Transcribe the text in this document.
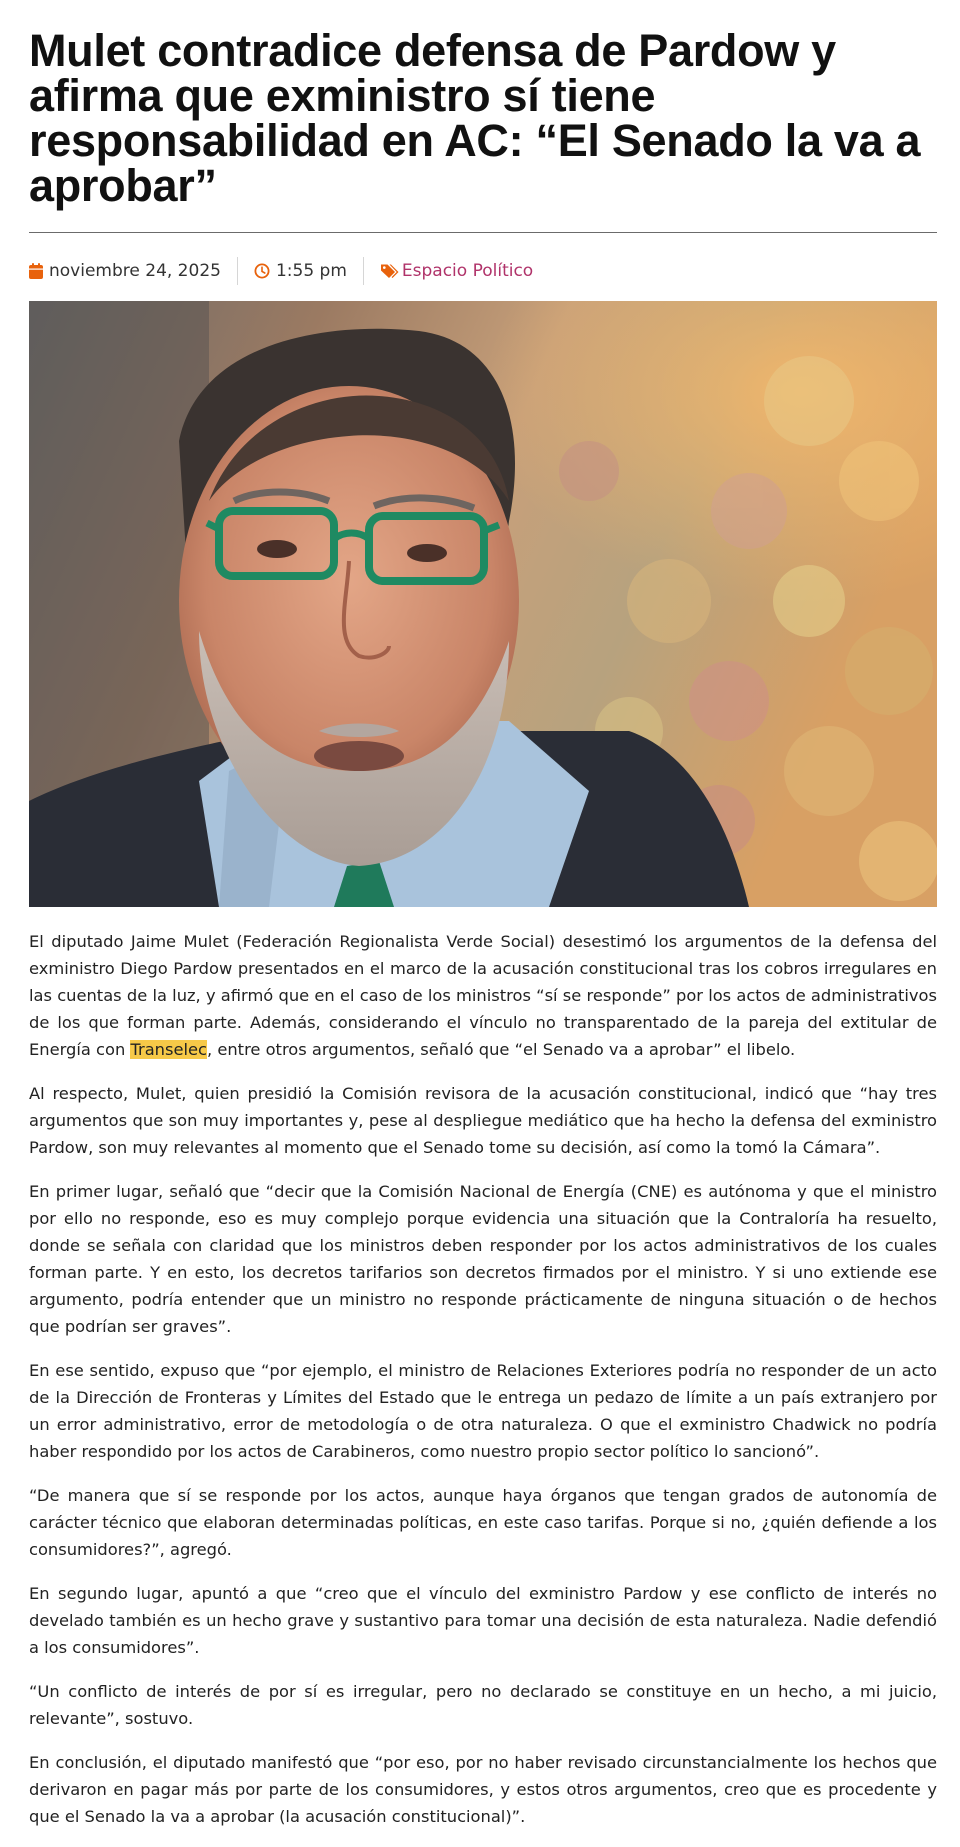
Mulet contradice defensa de Pardow y afirma que exministro sí tiene responsabilidad en AC: “El Senado la va a aprobar”
noviembre 24, 2025	1:55 pm	Espacio Político

El diputado Jaime Mulet (Federación Regionalista Verde Social) desestimó los argumentos de la defensa del exministro Diego Pardow presentados en el marco de la acusación constitucional tras los cobros irregulares en las cuentas de la luz, y afirmó que en el caso de los ministros “sí se responde” por los actos de administrativos de los que forman parte. Además, considerando el vínculo no transparentado de la pareja del extitular de Energía con Transelec, entre otros argumentos, señaló que “el Senado va a aprobar” el libelo.

Al respecto, Mulet, quien presidió la Comisión revisora de la acusación constitucional, indicó que “hay tres argumentos que son muy importantes y, pese al despliegue mediático que ha hecho la defensa del exministro Pardow, son muy relevantes al momento que el Senado tome su decisión, así como la tomó la Cámara”.

En primer lugar, señaló que “decir que la Comisión Nacional de Energía (CNE) es autónoma y que el ministro por ello no responde, eso es muy complejo porque evidencia una situación que la Contraloría ha resuelto, donde se señala con claridad que los ministros deben responder por los actos administrativos de los cuales forman parte. Y en esto, los decretos tarifarios son decretos firmados por el ministro. Y si uno extiende ese argumento, podría entender que un ministro no responde prácticamente de ninguna situación o de hechos que podrían ser graves”.

En ese sentido, expuso que “por ejemplo, el ministro de Relaciones Exteriores podría no responder de un acto de la Dirección de Fronteras y Límites del Estado que le entrega un pedazo de límite a un país extranjero por un error administrativo, error de metodología o de otra naturaleza. O que el exministro Chadwick no podría haber respondido por los actos de Carabineros, como nuestro propio sector político lo sancionó”.

“De manera que sí se responde por los actos, aunque haya órganos que tengan grados de autonomía de carácter técnico que elaboran determinadas políticas, en este caso tarifas. Porque si no, ¿quién defiende a los consumidores?”, agregó.

En segundo lugar, apuntó a que “creo que el vínculo del exministro Pardow y ese conflicto de interés no develado también es un hecho grave y sustantivo para tomar una decisión de esta naturaleza. Nadie defendió a los consumidores”.

“Un conflicto de interés de por sí es irregular, pero no declarado se constituye en un hecho, a mi juicio, relevante”, sostuvo.

En conclusión, el diputado manifestó que “por eso, por no haber revisado circunstancialmente los hechos que derivaron en pagar más por parte de los consumidores, y estos otros argumentos, creo que es procedente y que el Senado la va a aprobar (la acusación constitucional)”.
